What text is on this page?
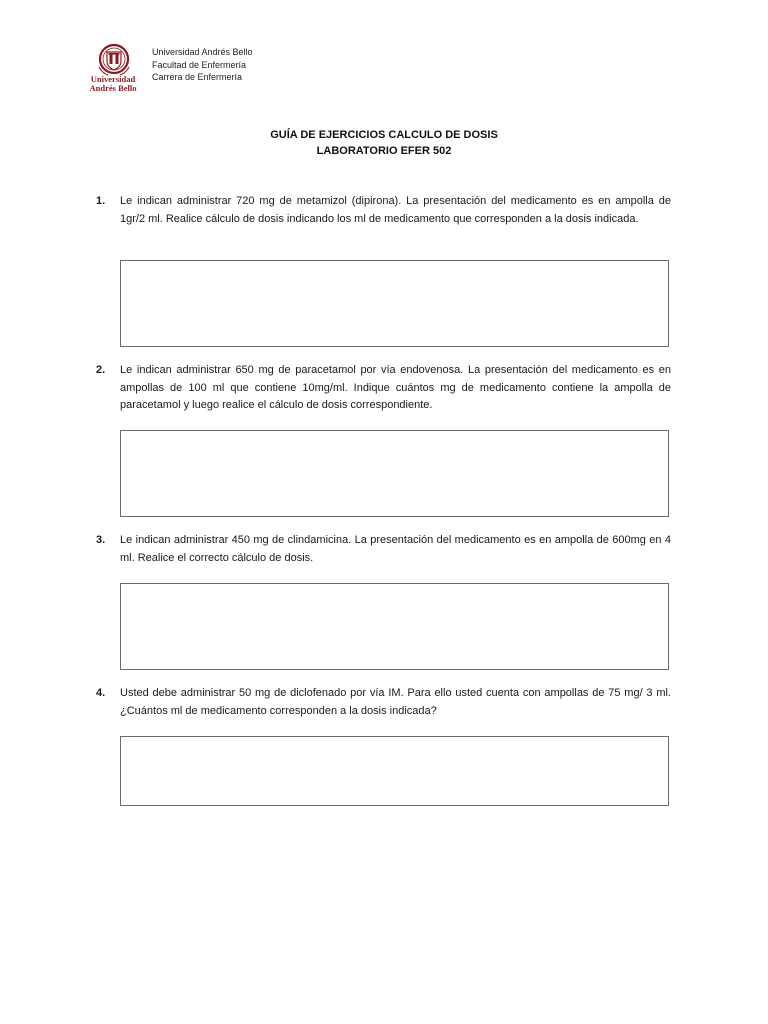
Universidad
Andrés Bello
Universidad Andrés Bello
Facultad de Enfermería
Carrera de Enfermería
GUÍA DE EJERCICIOS CALCULO DE DOSIS
LABORATORIO EFER 502
1. Le indican administrar 720 mg de metamizol (dipirona). La presentación del medicamento es en ampolla de 1gr/2 ml. Realice cálculo de dosis indicando los ml de medicamento que corresponden a la dosis indicada.
2. Le indican administrar 650 mg de paracetamol por vía endovenosa. La presentación del medicamento es en ampollas de 100 ml que contiene 10mg/ml. Indique cuántos mg de medicamento contiene la ampolla de paracetamol y luego realice el cálculo de dosis correspondiente.
3. Le indican administrar 450 mg de clindamicina. La presentación del medicamento es en ampolla de 600mg en 4 ml. Realice el correcto cálculo de dosis.
4. Usted debe administrar 50 mg de diclofenado por vía IM. Para ello usted cuenta con ampollas de 75 mg/ 3 ml. ¿Cuántos ml de medicamento corresponden a la dosis indicada?
